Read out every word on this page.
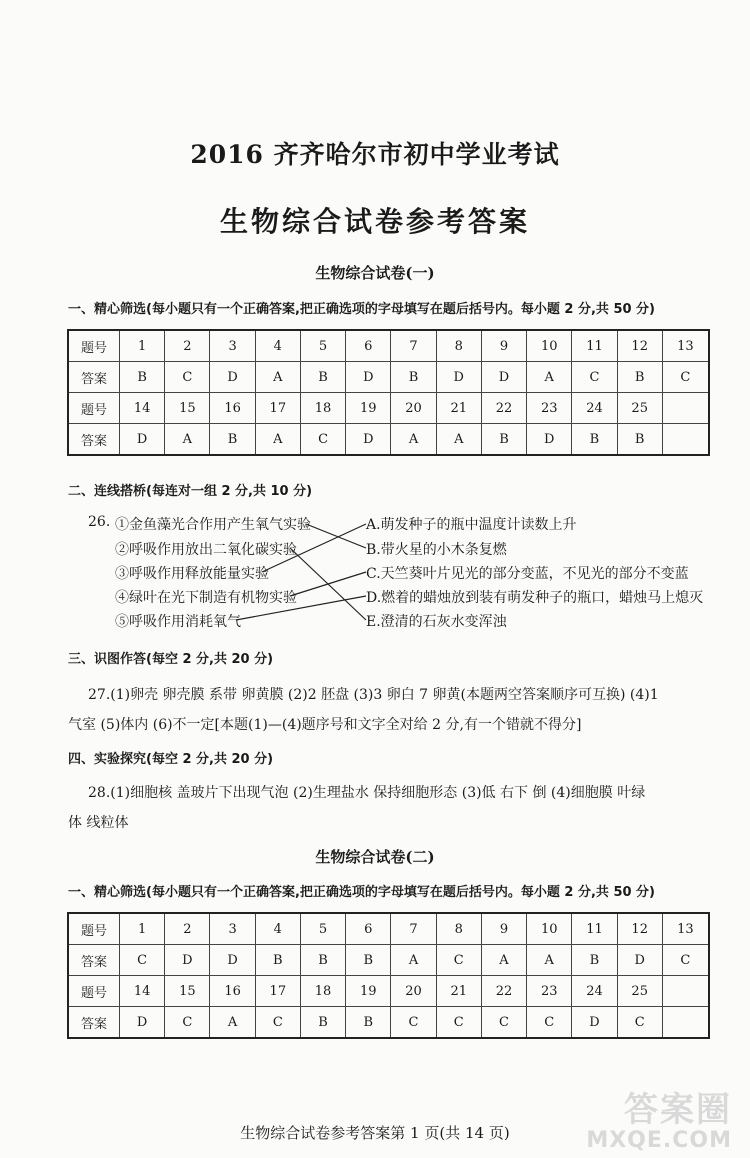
2016 齐齐哈尔市初中学业考试
生物综合试卷参考答案
生物综合试卷(一)
一、精心筛选(每小题只有一个正确答案,把正确选项的字母填写在题后括号内。每小题 2 分,共 50 分)
题号	1	2	3	4	5	6	7	8	9	10	11	12	13
答案	B	C	D	A	B	D	B	D	D	A	C	B	C
题号	14	15	16	17	18	19	20	21	22	23	24	25	
答案	D	A	B	A	C	D	A	A	B	D	B	B	
二、连线搭桥(每连对一组 2 分,共 10 分)
26. ①金鱼藻光合作用产生氧气实验
②呼吸作用放出二氧化碳实验
③呼吸作用释放能量实验
④绿叶在光下制造有机物实验
⑤呼吸作用消耗氧气
A.萌发种子的瓶中温度计读数上升
B.带火星的小木条复燃
C.天竺葵叶片见光的部分变蓝，不见光的部分不变蓝
D.燃着的蜡烛放到装有萌发种子的瓶口，蜡烛马上熄灭
E.澄清的石灰水变浑浊
三、识图作答(每空 2 分,共 20 分)
27.(1)卵壳 卵壳膜 系带 卵黄膜 (2)2 胚盘 (3)3 卵白 7 卵黄(本题两空答案顺序可互换) (4)1
气室 (5)体内 (6)不一定[本题(1)—(4)题序号和文字全对给 2 分,有一个错就不得分]
四、实验探究(每空 2 分,共 20 分)
28.(1)细胞核 盖玻片下出现气泡 (2)生理盐水 保持细胞形态 (3)低 右下 倒 (4)细胞膜 叶绿
体 线粒体
生物综合试卷(二)
一、精心筛选(每小题只有一个正确答案,把正确选项的字母填写在题后括号内。每小题 2 分,共 50 分)
题号	1	2	3	4	5	6	7	8	9	10	11	12	13
答案	C	D	D	B	B	B	A	C	A	A	B	D	C
题号	14	15	16	17	18	19	20	21	22	23	24	25	
答案	D	C	A	C	B	B	C	C	C	C	D	C	
生物综合试卷参考答案第 1 页(共 14 页)
答案圈
MXQE.COM
